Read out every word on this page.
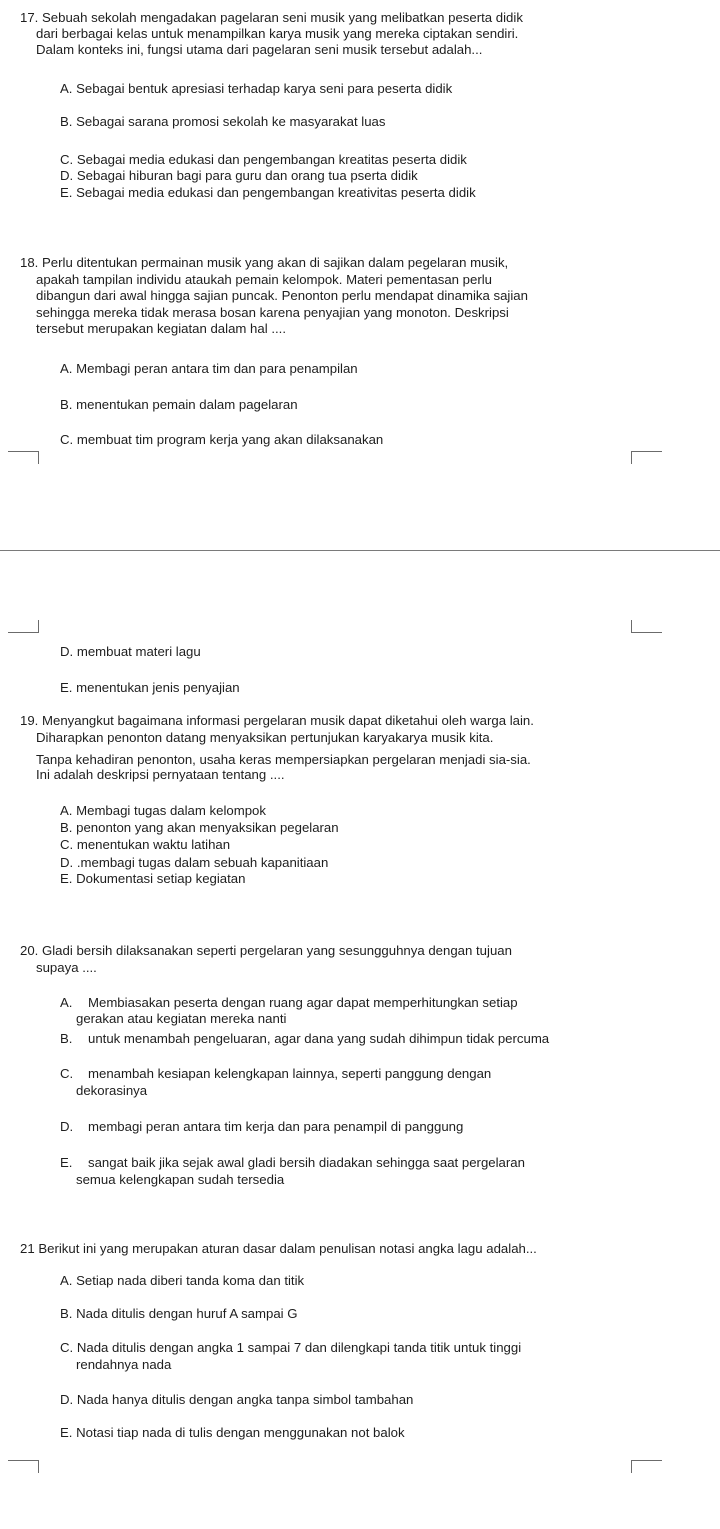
17. Sebuah sekolah mengadakan pagelaran seni musik yang melibatkan peserta didik
dari berbagai kelas untuk menampilkan karya musik yang mereka ciptakan sendiri.
Dalam konteks ini, fungsi utama dari pagelaran seni musik tersebut adalah...
A. Sebagai bentuk apresiasi terhadap karya seni para peserta didik
B. Sebagai sarana promosi sekolah ke masyarakat luas
C. Sebagai media edukasi dan pengembangan kreatitas peserta didik
D. Sebagai hiburan bagi para guru dan orang tua pserta didik
E. Sebagai media edukasi dan pengembangan kreativitas peserta didik
18. Perlu ditentukan permainan musik yang akan di sajikan dalam pegelaran musik,
apakah tampilan individu ataukah pemain kelompok. Materi pementasan perlu
dibangun dari awal hingga sajian puncak. Penonton perlu mendapat dinamika sajian
sehingga mereka tidak merasa bosan karena penyajian yang monoton. Deskripsi
tersebut merupakan kegiatan dalam hal ....
A. Membagi peran antara tim dan para penampilan
B. menentukan pemain dalam pagelaran
C. membuat tim program kerja yang akan dilaksanakan
D. membuat materi lagu
E. menentukan jenis penyajian
19. Menyangkut bagaimana informasi pergelaran musik dapat diketahui oleh warga lain.
Diharapkan penonton datang menyaksikan pertunjukan karyakarya musik kita.
Tanpa kehadiran penonton, usaha keras mempersiapkan pergelaran menjadi sia-sia.
Ini adalah deskripsi pernyataan tentang ....
A. Membagi tugas dalam kelompok
B. penonton yang akan menyaksikan pegelaran
C. menentukan waktu latihan
D. .membagi tugas dalam sebuah kapanitiaan
E. Dokumentasi setiap kegiatan
20. Gladi bersih dilaksanakan seperti pergelaran yang sesungguhnya dengan tujuan
supaya ....
A. Membiasakan peserta dengan ruang agar dapat memperhitungkan setiap
gerakan atau kegiatan mereka nanti
B. untuk menambah pengeluaran, agar dana yang sudah dihimpun tidak percuma
C. menambah kesiapan kelengkapan lainnya, seperti panggung dengan
dekorasinya
D. membagi peran antara tim kerja dan para penampil di panggung
E. sangat baik jika sejak awal gladi bersih diadakan sehingga saat pergelaran
semua kelengkapan sudah tersedia
21 Berikut ini yang merupakan aturan dasar dalam penulisan notasi angka lagu adalah...
A. Setiap nada diberi tanda koma dan titik
B. Nada ditulis dengan huruf A sampai G
C. Nada ditulis dengan angka 1 sampai 7 dan dilengkapi tanda titik untuk tinggi
rendahnya nada
D. Nada hanya ditulis dengan angka tanpa simbol tambahan
E. Notasi tiap nada di tulis dengan menggunakan not balok
